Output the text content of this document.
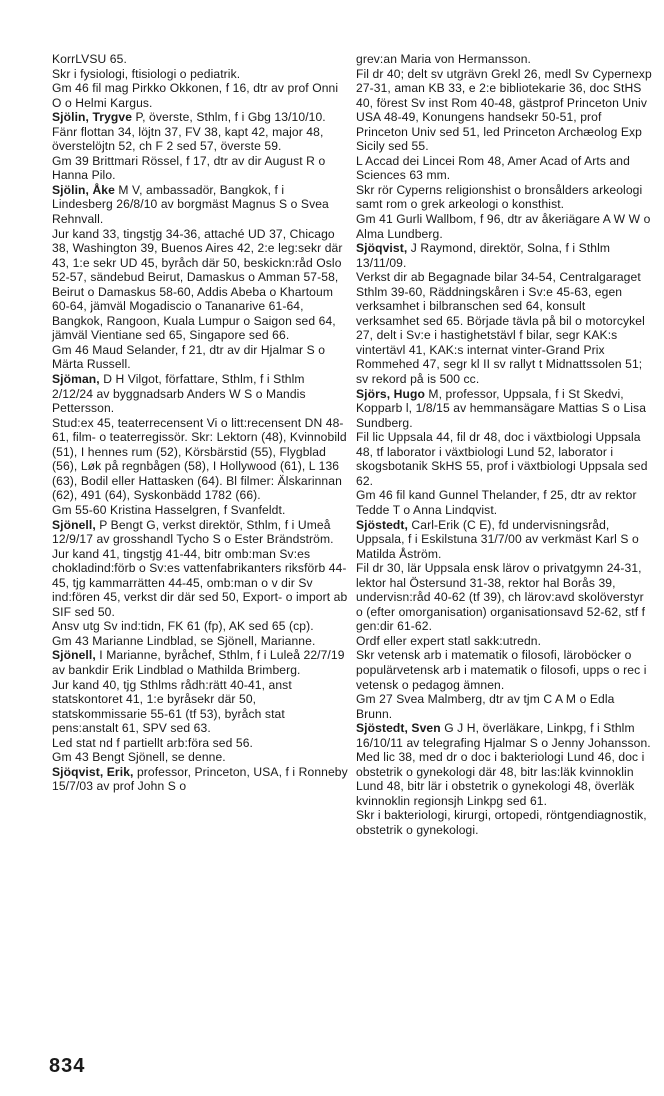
KorrLVSU 65.

Skr i fysiologi, ftisiologi o pediatrik.

Gm 46 fil mag Pirkko Okkonen, f 16, dtr av prof Onni O o Helmi Kargus.

Sjölin, Trygve P, överste, Sthlm, f i Gbg 13/10/10.

Fänr flottan 34, löjtn 37, FV 38, kapt 42, major 48, överstelöjtn 52, ch F 2 sed 57, överste 59.

Gm 39 Brittmari Rössel, f 17, dtr av dir August R o Hanna Pilo.

Sjölin, Åke M V, ambassadör, Bangkok, f i Lindesberg 26/8/10 av borgmäst Magnus S o Svea Rehnvall.

Jur kand 33, tingstjg 34-36, attaché UD 37, Chicago 38, Washington 39, Buenos Aires 42, 2:e leg:sekr där 43, 1:e sekr UD 45, byråch där 50, beskickn:råd Oslo 52-57, sändebud Beirut, Damaskus o Amman 57-58, Beirut o Damaskus 58-60, Addis Abeba o Khartoum 60-64, jämväl Mogadiscio o Tananarive 61-64, Bangkok, Rangoon, Kuala Lumpur o Saigon sed 64, jämväl Vientiane sed 65, Singapore sed 66.

Gm 46 Maud Selander, f 21, dtr av dir Hjalmar S o Märta Russell.

Sjöman, D H Vilgot, författare, Sthlm, f i Sthlm 2/12/24 av byggnadsarb Anders W S o Mandis Pettersson.

Stud:ex 45, teaterrecensent Vi o litt:recensent DN 48-61, film- o teaterregissör. Skr: Lektorn (48), Kvinnobild (51), I hennes rum (52), Körsbärstid (55), Flygblad (56), Løk på regnbågen (58), I Hollywood (61), L 136 (63), Bodil eller Hattasken (64). Bl filmer: Älskarinnan (62), 491 (64), Syskonbädd 1782 (66).

Gm 55-60 Kristina Hasselgren, f Svanfeldt.

Sjönell, P Bengt G, verkst direktör, Sthlm, f i Umeå 12/9/17 av grosshandl Tycho S o Ester Brändström.

Jur kand 41, tingstjg 41-44, bitr omb:man Sv:es chokladind:förb o Sv:es vattenfabrikanters riksförb 44-45, tjg kammarrätten 44-45, omb:man o v dir Sv ind:fören 45, verkst dir där sed 50, Export- o import ab SIF sed 50.

Ansv utg Sv ind:tidn, FK 61 (fp), AK sed 65 (cp).

Gm 43 Marianne Lindblad, se Sjönell, Marianne.

Sjönell, I Marianne, byråchef, Sthlm, f i Luleå 22/7/19 av bankdir Erik Lindblad o Mathilda Brimberg.

Jur kand 40, tjg Sthlms rådh:rätt 40-41, anst statskontoret 41, 1:e byråsekr där 50, statskommissarie 55-61 (tf 53), byråch stat pens:anstalt 61, SPV sed 63.

Led stat nd f partiellt arb:föra sed 56.

Gm 43 Bengt Sjönell, se denne.

Sjöqvist, Erik, professor, Princeton, USA, f i Ronneby 15/7/03 av prof John S o

grev:an Maria von Hermansson.

Fil dr 40; delt sv utgrävn Grekl 26, medl Sv Cypernexp 27-31, aman KB 33, e 2:e bibliotekarie 36, doc StHS 40, förest Sv inst Rom 40-48, gästprof Princeton Univ USA 48-49, Konungens handsekr 50-51, prof Princeton Univ sed 51, led Princeton Archæolog Exp Sicily sed 55.

L Accad dei Lincei Rom 48, Amer Acad of Arts and Sciences 63 mm.

Skr rör Cyperns religionshist o bronsålders arkeologi samt rom o grek arkeologi o konsthist.

Gm 41 Gurli Wallbom, f 96, dtr av åkeriägare A W W o Alma Lundberg.

Sjöqvist, J Raymond, direktör, Solna, f i Sthlm 13/11/09.

Verkst dir ab Begagnade bilar 34-54, Centralgaraget Sthlm 39-60, Räddningskåren i Sv:e 45-63, egen verksamhet i bilbranschen sed 64, konsult verksamhet sed 65. Började tävla på bil o motorcykel 27, delt i Sv:e i hastighetstävl f bilar, segr KAK:s vintertävl 41, KAK:s internat vinter-Grand Prix Rommehed 47, segr kl II sv rallyt t Midnattssolen 51; sv rekord på is 500 cc.

Sjörs, Hugo M, professor, Uppsala, f i St Skedvi, Kopparb l, 1/8/15 av hemmansägare Mattias S o Lisa Sundberg.

Fil lic Uppsala 44, fil dr 48, doc i växtbiologi Uppsala 48, tf laborator i växtbiologi Lund 52, laborator i skogsbotanik SkHS 55, prof i växtbiologi Uppsala sed 62.

Gm 46 fil kand Gunnel Thelander, f 25, dtr av rektor Tedde T o Anna Lindqvist.

Sjöstedt, Carl-Erik (C E), fd undervisningsråd, Uppsala, f i Eskilstuna 31/7/00 av verkmäst Karl S o Matilda Åström.

Fil dr 30, lär Uppsala ensk lärov o privatgymn 24-31, lektor hal Östersund 31-38, rektor hal Borås 39, undervisn:råd 40-62 (tf 39), ch lärov:avd skolöverstyr o (efter omorganisation) organisationsavd 52-62, stf f gen:dir 61-62.

Ordf eller expert statl sakk:utredn.

Skr vetensk arb i matematik o filosofi, läroböcker o populärvetensk arb i matematik o filosofi, upps o rec i vetensk o pedagog ämnen.

Gm 27 Svea Malmberg, dtr av tjm C A M o Edla Brunn.

Sjöstedt, Sven G J H, överläkare, Linkpg, f i Sthlm 16/10/11 av telegrafing Hjalmar S o Jenny Johansson.

Med lic 38, med dr o doc i bakteriologi Lund 46, doc i obstetrik o gynekologi där 48, bitr las:läk kvinnoklin Lund 48, bitr lär i obstetrik o gynekologi 48, överläk kvinnoklin regionsjh Linkpg sed 61.

Skr i bakteriologi, kirurgi, ortopedi, röntgendiagnostik, obstetrik o gynekologi.

834
